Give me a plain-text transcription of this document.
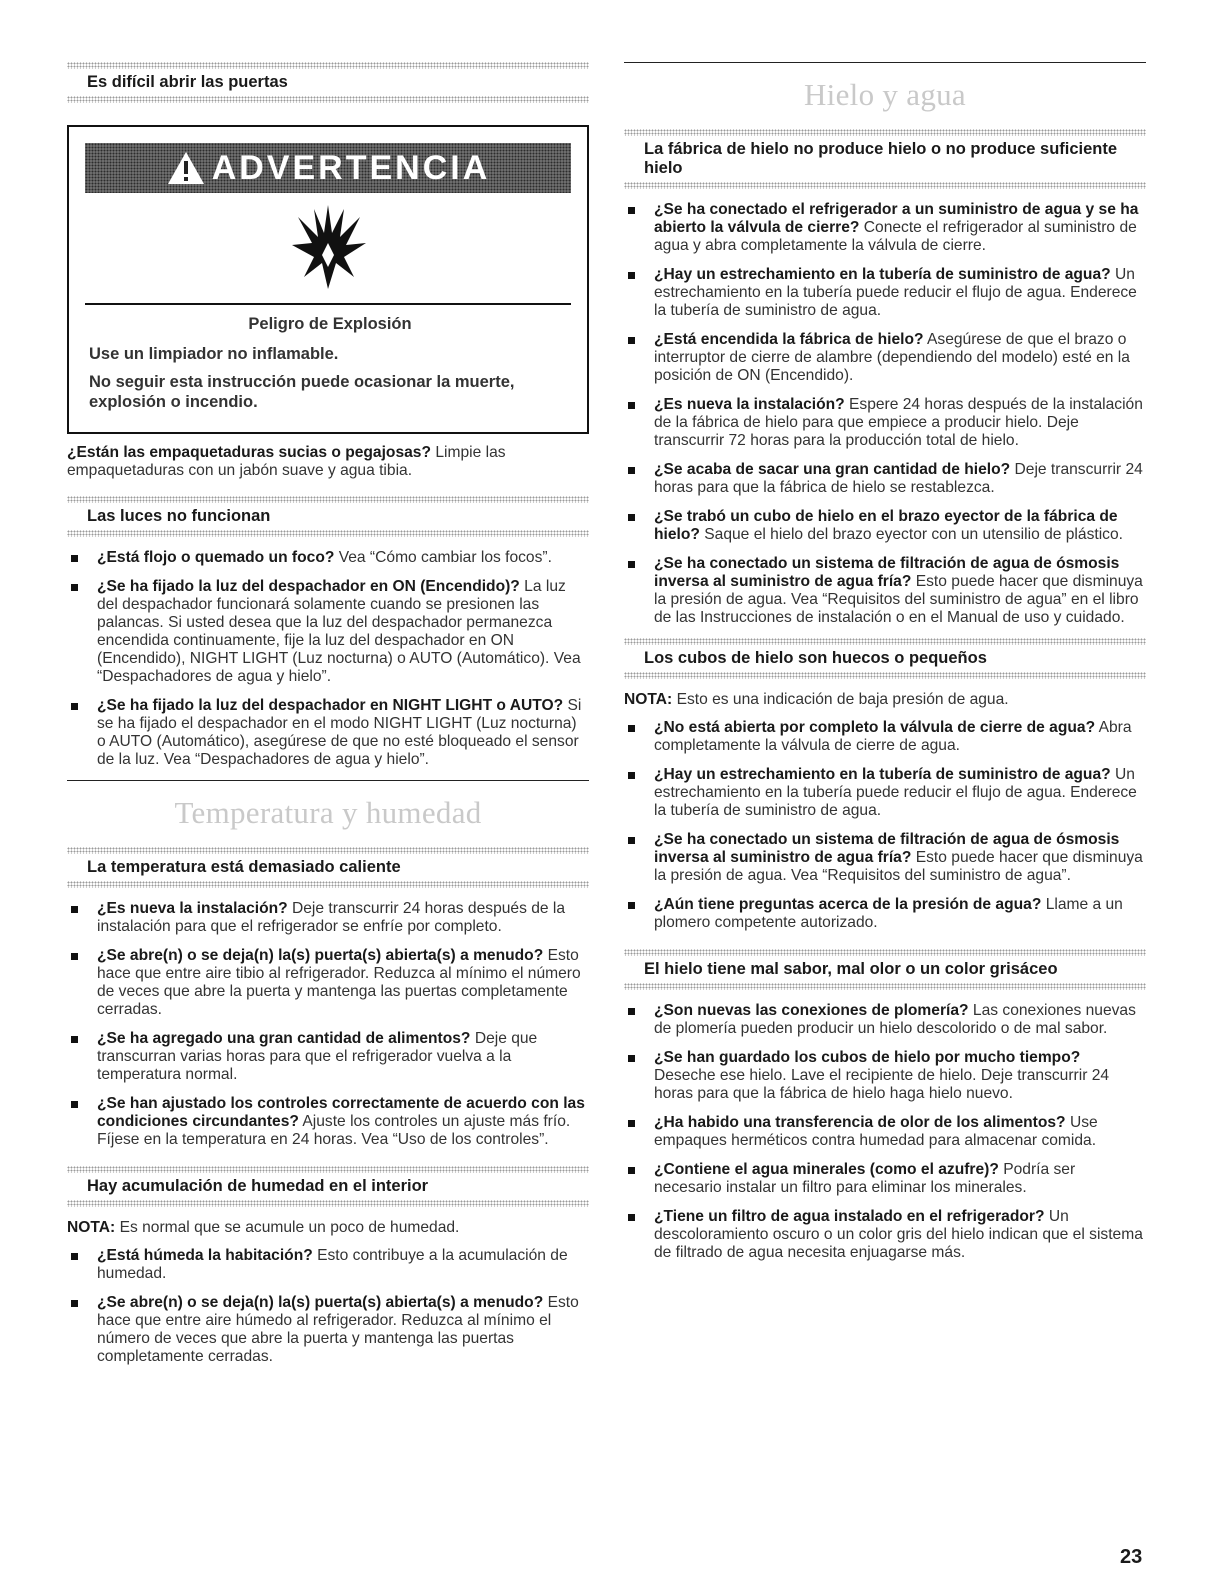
Es difícil abrir las puertas
ADVERTENCIA
Peligro de Explosión
Use un limpiador no inflamable.
No seguir esta instrucción puede ocasionar la muerte, explosión o incendio.

¿Están las empaquetaduras sucias o pegajosas? Limpie las empaquetaduras con un jabón suave y agua tibia.

Las luces no funcionan
¿Está flojo o quemado un foco? Vea “Cómo cambiar los focos”.
¿Se ha fijado la luz del despachador en ON (Encendido)? La luz del despachador funcionará solamente cuando se presionen las palancas. Si usted desea que la luz del despachador permanezca encendida continuamente, fije la luz del despachador en ON (Encendido), NIGHT LIGHT (Luz nocturna) o AUTO (Automático). Vea “Despachadores de agua y hielo”.
¿Se ha fijado la luz del despachador en NIGHT LIGHT o AUTO? Si se ha fijado el despachador en el modo NIGHT LIGHT (Luz nocturna) o AUTO (Automático), asegúrese de que no esté bloqueado el sensor de la luz. Vea “Despachadores de agua y hielo”.
Temperatura y humedad
La temperatura está demasiado caliente
¿Es nueva la instalación? Deje transcurrir 24 horas después de la instalación para que el refrigerador se enfríe por completo.
¿Se abre(n) o se deja(n) la(s) puerta(s) abierta(s) a menudo? Esto hace que entre aire tibio al refrigerador. Reduzca al mínimo el número de veces que abre la puerta y mantenga las puertas completamente cerradas.
¿Se ha agregado una gran cantidad de alimentos? Deje que transcurran varias horas para que el refrigerador vuelva a la temperatura normal.
¿Se han ajustado los controles correctamente de acuerdo con las condiciones circundantes? Ajuste los controles un ajuste más frío. Fíjese en la temperatura en 24 horas. Vea “Uso de los controles”.
Hay acumulación de humedad en el interior

NOTA: Es normal que se acumule un poco de humedad.

¿Está húmeda la habitación? Esto contribuye a la acumulación de humedad.
¿Se abre(n) o se deja(n) la(s) puerta(s) abierta(s) a menudo? Esto hace que entre aire húmedo al refrigerador. Reduzca al mínimo el número de veces que abre la puerta y mantenga las puertas completamente cerradas.
Hielo y agua
La fábrica de hielo no produce hielo o no produce suficiente hielo
¿Se ha conectado el refrigerador a un suministro de agua y se ha abierto la válvula de cierre? Conecte el refrigerador al suministro de agua y abra completamente la válvula de cierre.
¿Hay un estrechamiento en la tubería de suministro de agua? Un estrechamiento en la tubería puede reducir el flujo de agua. Enderece la tubería de suministro de agua.
¿Está encendida la fábrica de hielo? Asegúrese de que el brazo o interruptor de cierre de alambre (dependiendo del modelo) esté en la posición de ON (Encendido).
¿Es nueva la instalación? Espere 24 horas después de la instalación de la fábrica de hielo para que empiece a producir hielo. Deje transcurrir 72 horas para la producción total de hielo.
¿Se acaba de sacar una gran cantidad de hielo? Deje transcurrir 24 horas para que la fábrica de hielo se restablezca.
¿Se trabó un cubo de hielo en el brazo eyector de la fábrica de hielo? Saque el hielo del brazo eyector con un utensilio de plástico.
¿Se ha conectado un sistema de filtración de agua de ósmosis inversa al suministro de agua fría? Esto puede hacer que disminuya la presión de agua. Vea “Requisitos del suministro de agua” en el libro de las Instrucciones de instalación o en el Manual de uso y cuidado.
Los cubos de hielo son huecos o pequeños

NOTA: Esto es una indicación de baja presión de agua.

¿No está abierta por completo la válvula de cierre de agua? Abra completamente la válvula de cierre de agua.
¿Hay un estrechamiento en la tubería de suministro de agua? Un estrechamiento en la tubería puede reducir el flujo de agua. Enderece la tubería de suministro de agua.
¿Se ha conectado un sistema de filtración de agua de ósmosis inversa al suministro de agua fría? Esto puede hacer que disminuya la presión de agua. Vea “Requisitos del suministro de agua”.
¿Aún tiene preguntas acerca de la presión de agua? Llame a un plomero competente autorizado.
El hielo tiene mal sabor, mal olor o un color grisáceo
¿Son nuevas las conexiones de plomería? Las conexiones nuevas de plomería pueden producir un hielo descolorido o de mal sabor.
¿Se han guardado los cubos de hielo por mucho tiempo? Deseche ese hielo. Lave el recipiente de hielo. Deje transcurrir 24 horas para que la fábrica de hielo haga hielo nuevo.
¿Ha habido una transferencia de olor de los alimentos? Use empaques herméticos contra humedad para almacenar comida.
¿Contiene el agua minerales (como el azufre)? Podría ser necesario instalar un filtro para eliminar los minerales.
¿Tiene un filtro de agua instalado en el refrigerador? Un descoloramiento oscuro o un color gris del hielo indican que el sistema de filtrado de agua necesita enjuagarse más.
23
